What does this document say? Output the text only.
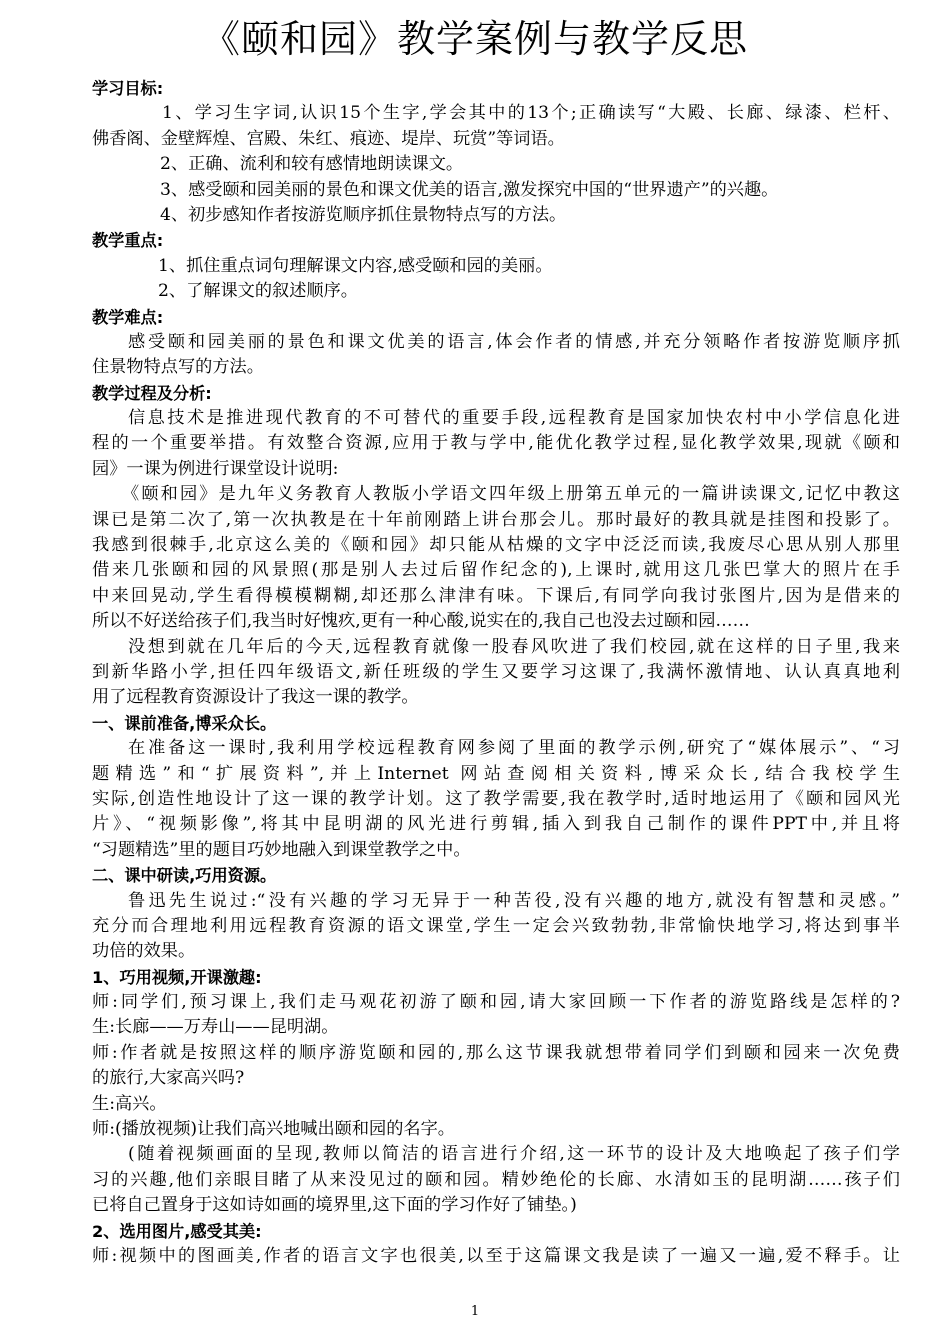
《颐和园》教学案例与教学反思
学习目标:
1、学习生字词,认识15个生字,学会其中的13个;正确读写“大殿、长廊、绿漆、栏杆、
佛香阁、金壁辉煌、宫殿、朱红、痕迹、堤岸、玩赏”等词语。
2、正确、流利和较有感情地朗读课文。
3、感受颐和园美丽的景色和课文优美的语言,激发探究中国的“世界遗产”的兴趣。
4、初步感知作者按游览顺序抓住景物特点写的方法。
教学重点:
1、抓住重点词句理解课文内容,感受颐和园的美丽。
2、了解课文的叙述顺序。
教学难点:
感受颐和园美丽的景色和课文优美的语言,体会作者的情感,并充分领略作者按游览顺序抓
住景物特点写的方法。
教学过程及分析:
信息技术是推进现代教育的不可替代的重要手段,远程教育是国家加快农村中小学信息化进
程的一个重要举措。有效整合资源,应用于教与学中,能优化教学过程,显化教学效果,现就《颐和
园》一课为例进行课堂设计说明:
《颐和园》是九年义务教育人教版小学语文四年级上册第五单元的一篇讲读课文,记忆中教这
课已是第二次了,第一次执教是在十年前刚踏上讲台那会儿。那时最好的教具就是挂图和投影了。
我感到很棘手,北京这么美的《颐和园》却只能从枯燥的文字中泛泛而读,我废尽心思从别人那里
借来几张颐和园的风景照(那是别人去过后留作纪念的),上课时,就用这几张巴掌大的照片在手
中来回晃动,学生看得模模糊糊,却还那么津津有味。下课后,有同学向我讨张图片,因为是借来的
所以不好送给孩子们,我当时好愧疚,更有一种心酸,说实在的,我自己也没去过颐和园……
没想到就在几年后的今天,远程教育就像一股春风吹进了我们校园,就在这样的日子里,我来
到新华路小学,担任四年级语文,新任班级的学生又要学习这课了,我满怀激情地、认认真真地利
用了远程教育资源设计了我这一课的教学。
一、课前准备,博采众长。
在准备这一课时,我利用学校远程教育网参阅了里面的教学示例,研究了“媒体展示”、“习
题精选”和“扩展资料”,并上Internet 网站查阅相关资料,博采众长,结合我校学生
实际,创造性地设计了这一课的教学计划。这了教学需要,我在教学时,适时地运用了《颐和园风光
片》、“视频影像”,将其中昆明湖的风光进行剪辑,插入到我自己制作的课件PPT中,并且将
“习题精选”里的题目巧妙地融入到课堂教学之中。
二、课中研读,巧用资源。
鲁迅先生说过:“没有兴趣的学习无异于一种苦役,没有兴趣的地方,就没有智慧和灵感。”
充分而合理地利用远程教育资源的语文课堂,学生一定会兴致勃勃,非常愉快地学习,将达到事半
功倍的效果。
1、巧用视频,开课激趣:
师:同学们,预习课上,我们走马观花初游了颐和园,请大家回顾一下作者的游览路线是怎样的?
生:长廊——万寿山——昆明湖。
师:作者就是按照这样的顺序游览颐和园的,那么这节课我就想带着同学们到颐和园来一次免费
的旅行,大家高兴吗?
生:高兴。
师:(播放视频)让我们高兴地喊出颐和园的名字。
(随着视频画面的呈现,教师以简洁的语言进行介绍,这一环节的设计及大地唤起了孩子们学
习的兴趣,他们亲眼目睹了从来没见过的颐和园。精妙绝伦的长廊、水清如玉的昆明湖……孩子们
已将自己置身于这如诗如画的境界里,这下面的学习作好了铺垫。)
2、选用图片,感受其美:
师:视频中的图画美,作者的语言文字也很美,以至于这篇课文我是读了一遍又一遍,爱不释手。让
1
